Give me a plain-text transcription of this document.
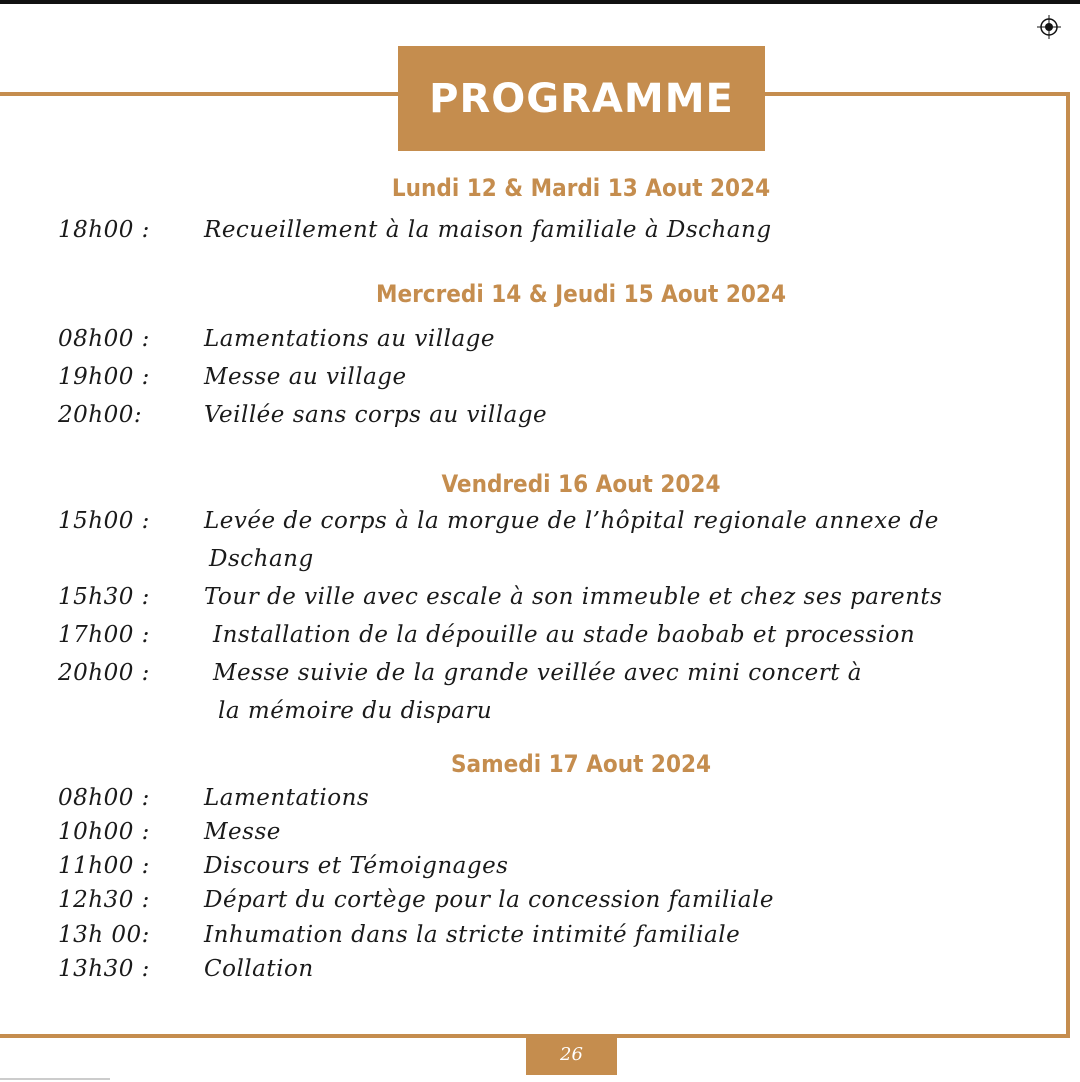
PROGRAMME
Lundi 12 & Mardi 13 Aout 2024
18h00 : Recueillement à la maison familiale à Dschang
Mercredi 14 & Jeudi 15 Aout 2024
08h00 : Lamentations au village
19h00 : Messe au village
20h00:	Veillée sans corps au village
Vendredi 16 Aout 2024
15h00 : Levée de corps à la morgue de l’hôpital regionale annexe de
Dschang
15h30 : Tour de ville avec escale à son immeuble et chez ses parents
17h00 :	Installation de la dépouille au stade baobab et procession
20h00 :	Messe suivie de la grande veillée avec mini concert à
la mémoire du disparu
Samedi 17 Aout 2024
08h00 : Lamentations
10h00 : Messe
11h00 : Discours et Témoignages
12h30 : Départ du cortège pour la concession familiale
13h 00: Inhumation dans la stricte intimité familiale
13h30 : Collation
26
